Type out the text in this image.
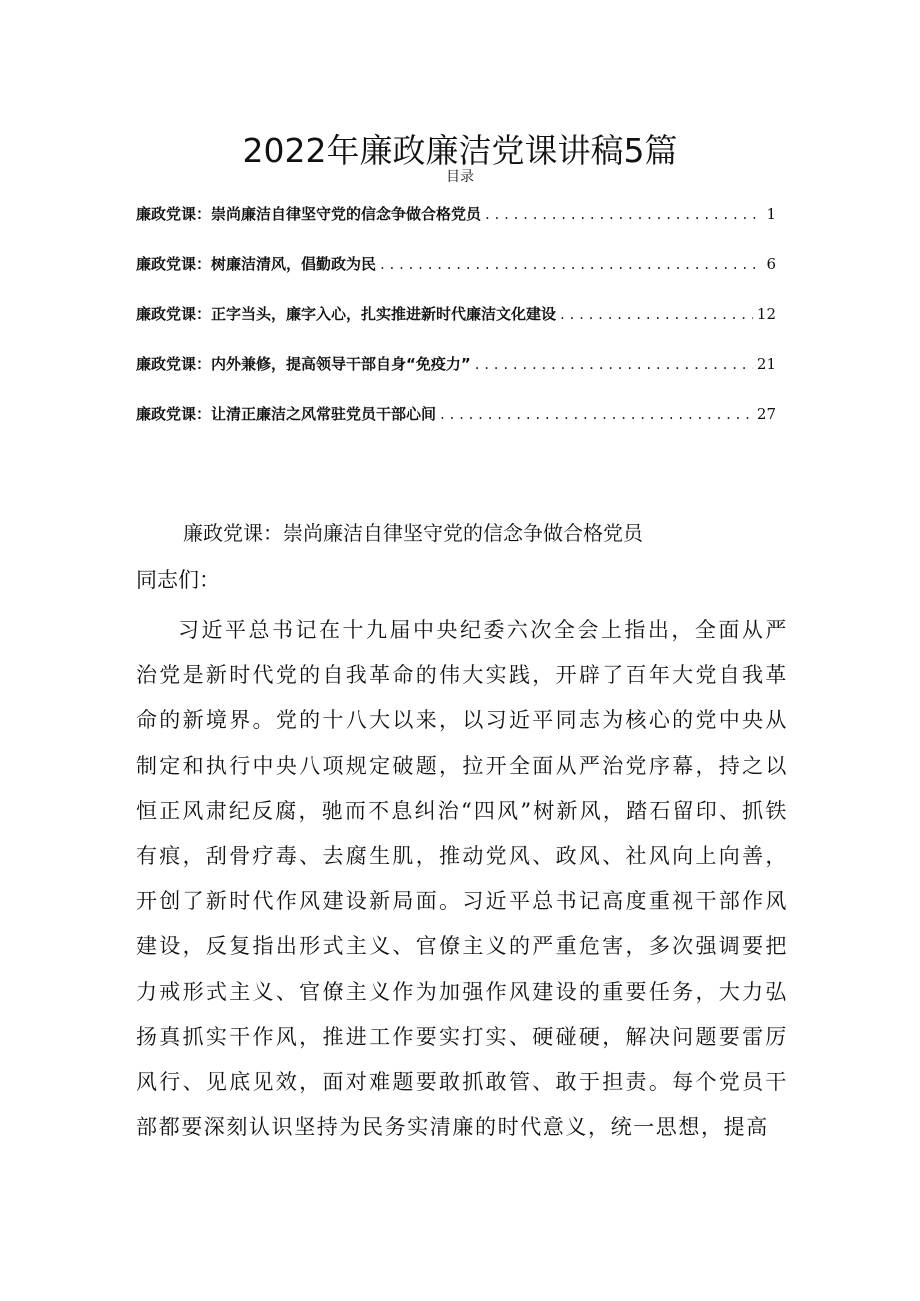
2022年廉政廉洁党课讲稿5篇
目录
廉政党课：崇尚廉洁自律坚守党的信念争做合格党员 . . .	1
廉政党课：树廉洁清风，倡勤政为民 . . .	6
廉政党课：正字当头，廉字入心，扎实推进新时代廉洁文化建设 . . .	12
廉政党课：内外兼修，提高领导干部自身“免疫力” . . .	21
廉政党课：让清正廉洁之风常驻党员干部心间 . . .	27
廉政党课：崇尚廉洁自律坚守党的信念争做合格党员
同志们：

习近平总书记在十九届中央纪委六次全会上指出，全面从严治党是新时代党的自我革命的伟大实践，开辟了百年大党自我革命的新境界。党的十八大以来，以习近平同志为核心的党中央从制定和执行中央八项规定破题，拉开全面从严治党序幕，持之以恒正风肃纪反腐，驰而不息纠治“四风”树新风，踏石留印、抓铁有痕，刮骨疗毒、去腐生肌，推动党风、政风、社风向上向善，开创了新时代作风建设新局面。习近平总书记高度重视干部作风建设，反复指出形式主义、官僚主义的严重危害，多次强调要把力戒形式主义、官僚主义作为加强作风建设的重要任务，大力弘扬真抓实干作风，推进工作要实打实、硬碰硬，解决问题要雷厉风行、见底见效，面对难题要敢抓敢管、敢于担责。每个党员干部都要深刻认识坚持为民务实清廉的时代意义，统一思想，提高
